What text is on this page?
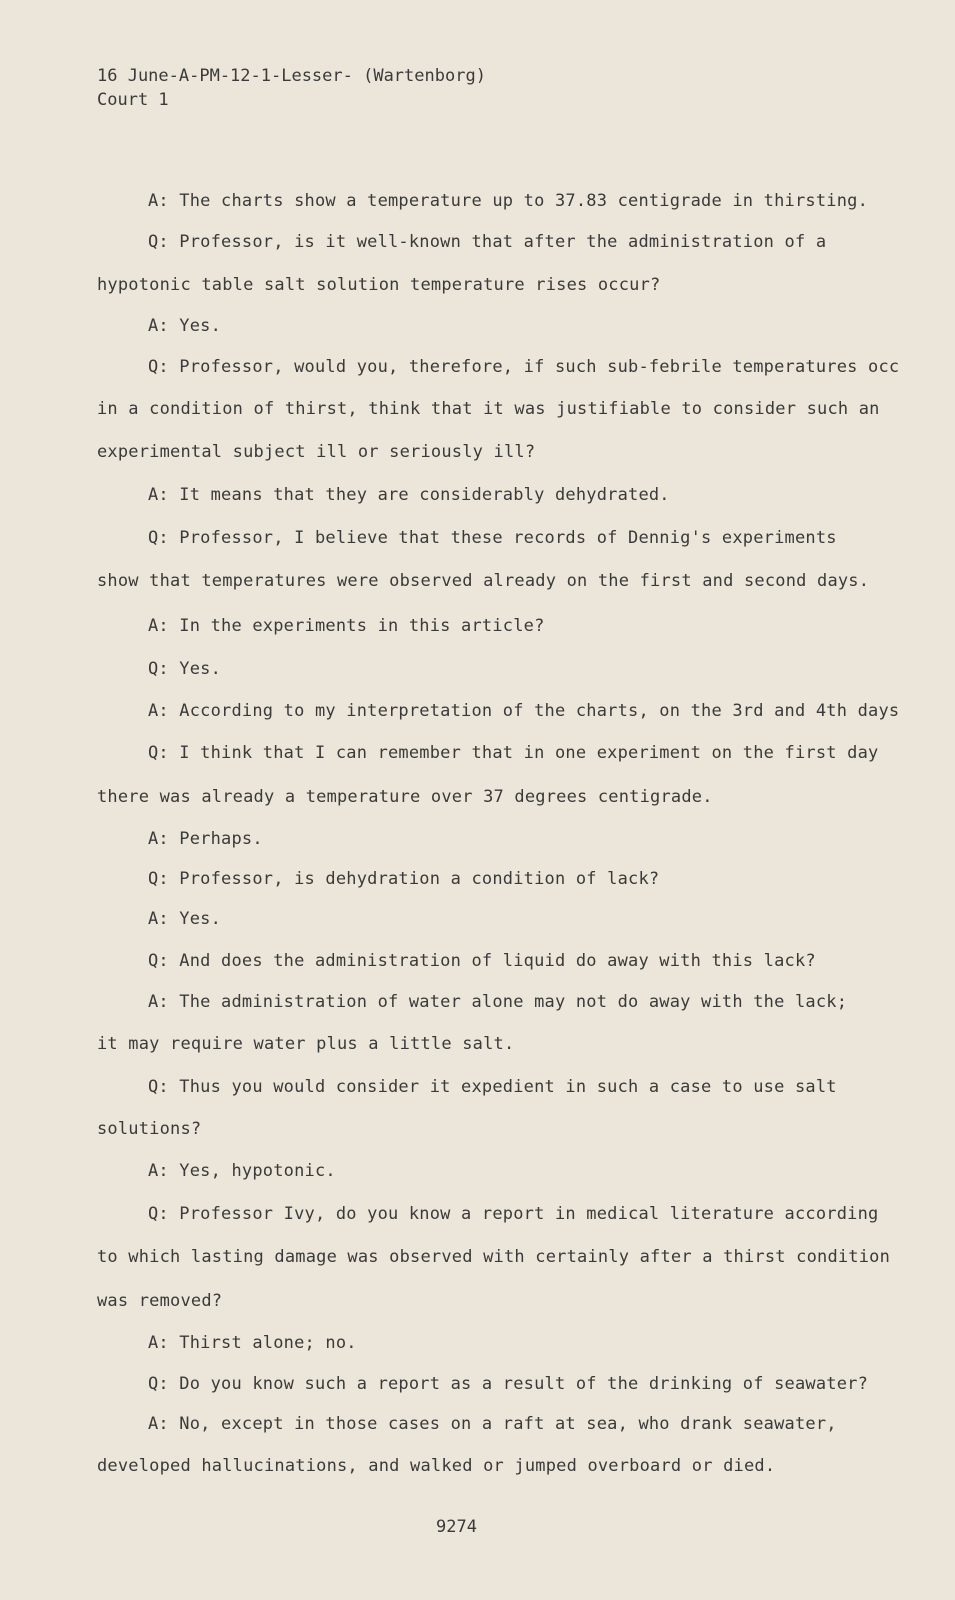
16 June-A-PM-12-1-Lesser- (Wartenborg)
Court 1
A: The charts show a temperature up to 37.83 centigrade in thirsting.
Q: Professor, is it well-known that after the administration of a
hypotonic table salt solution temperature rises occur?
A: Yes.
Q: Professor, would you, therefore, if such sub-febrile temperatures occ
in a condition of thirst, think that it was justifiable to consider such an
experimental subject ill or seriously ill?
A: It means that they are considerably dehydrated.
Q: Professor, I believe that these records of Dennig's experiments
show that temperatures were observed already on the first and second days.
A: In the experiments in this article?
Q: Yes.
A: According to my interpretation of the charts, on the 3rd and 4th days
Q: I think that I can remember that in one experiment on the first day
there was already a temperature over 37 degrees centigrade.
A: Perhaps.
Q: Professor, is dehydration a condition of lack?
A: Yes.
Q: And does the administration of liquid do away with this lack?
A: The administration of water alone may not do away with the lack;
it may require water plus a little salt.
Q: Thus you would consider it expedient in such a case to use salt
solutions?
A: Yes, hypotonic.
Q: Professor Ivy, do you know a report in medical literature according
to which lasting damage was observed with certainly after a thirst condition
was removed?
A: Thirst alone; no.
Q: Do you know such a report as a result of the drinking of seawater?
A: No, except in those cases on a raft at sea, who drank seawater,
developed hallucinations, and walked or jumped overboard or died.
9274
